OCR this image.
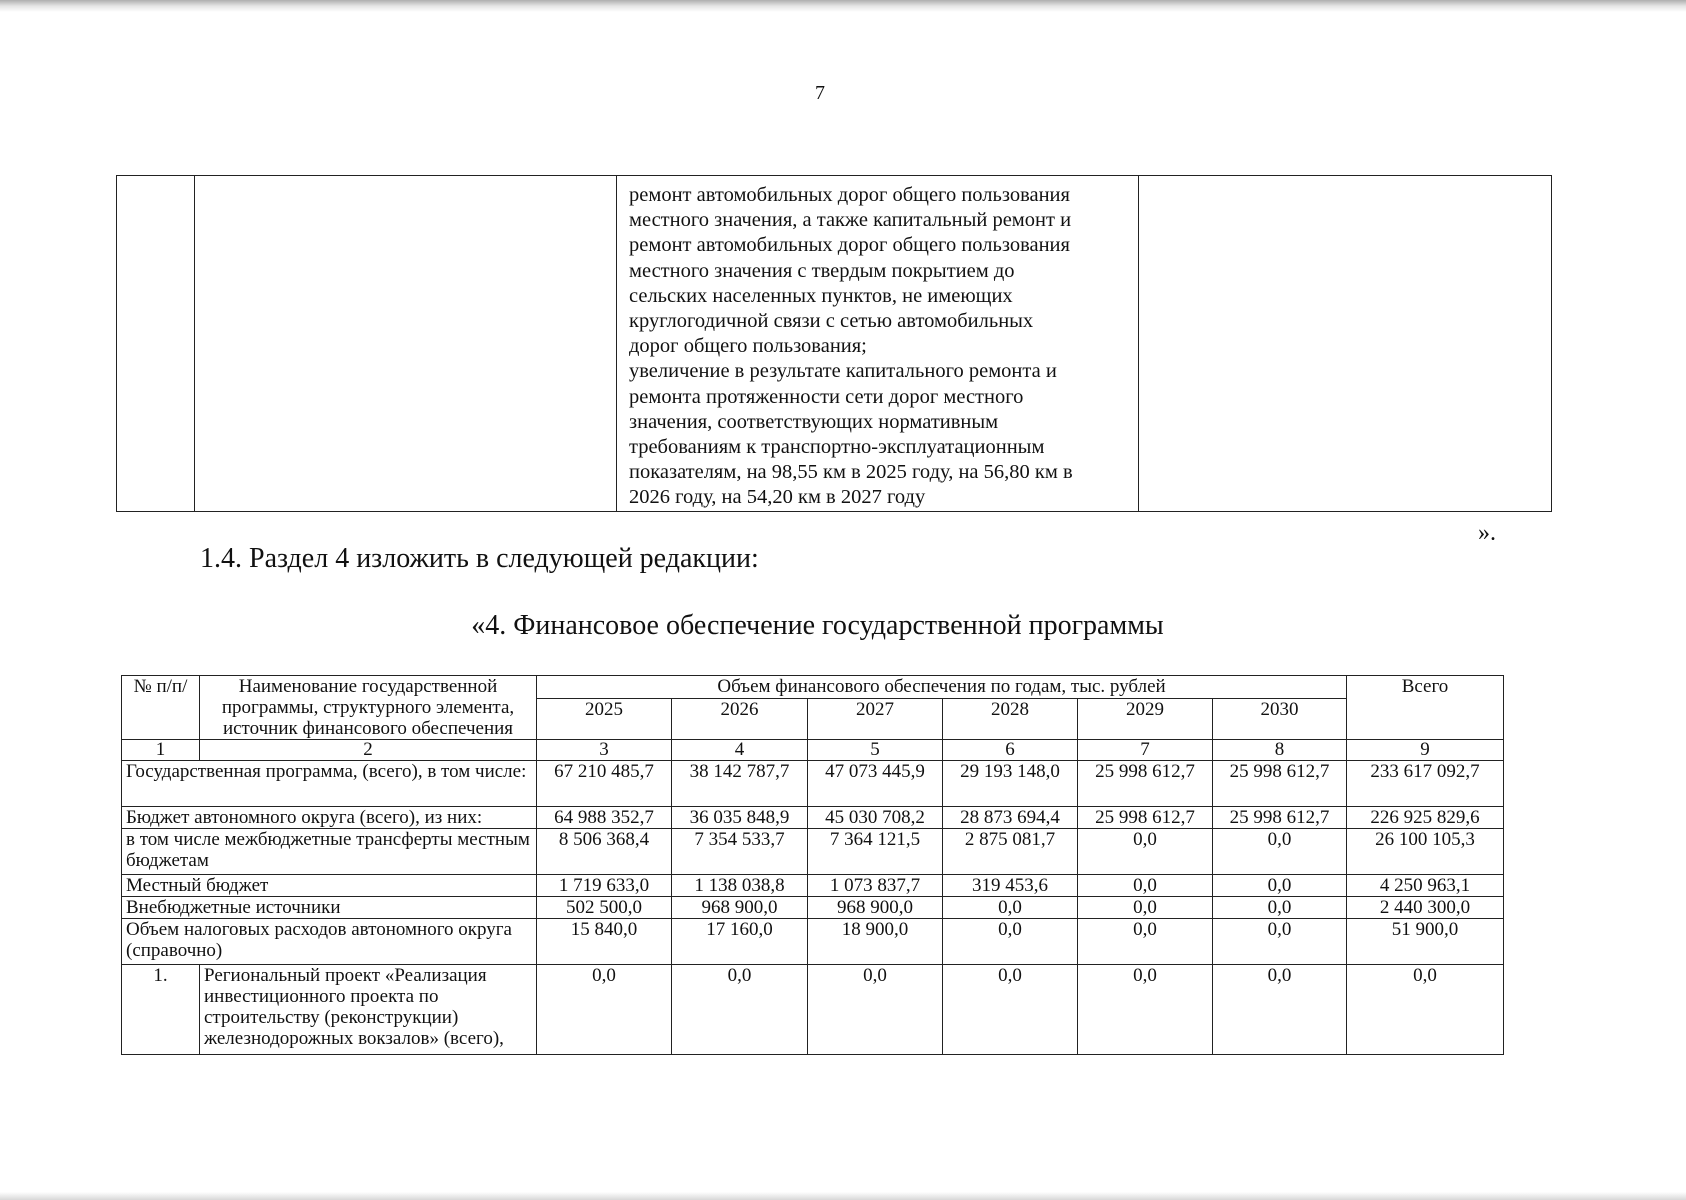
7

ремонт автомобильных дорог общего пользования
местного значения, а также капитальный ремонт и
ремонт автомобильных дорог общего пользования
местного значения с твердым покрытием до
сельских населенных пунктов, не имеющих
круглогодичной связи с сетью автомобильных
дорог общего пользования;
увеличение в результате капитального ремонта и
ремонта протяженности сети дорог местного
значения, соответствующих нормативным
требованиям к транспортно-эксплуатационным
показателям, на 98,55 км в 2025 году, на 56,80 км в
2026 году, на 54,20 км в 2027 году

».
1.4. Раздел 4 изложить в следующей редакции:
«4. Финансовое обеспечение государственной программы
№ п/п/	Наименование государственной программы, структурного элемента, источник финансового обеспечения	Объем финансового обеспечения по годам, тыс. рублей						Всего
		2025	2026	2027	2028	2029	2030	
1	2	3	4	5	6	7	8	9
Государственная программа, (всего), в том числе:		67 210 485,7	38 142 787,7	47 073 445,9	29 193 148,0	25 998 612,7	25 998 612,7	233 617 092,7
Бюджет автономного округа (всего), из них:		64 988 352,7	36 035 848,9	45 030 708,2	28 873 694,4	25 998 612,7	25 998 612,7	226 925 829,6
в том числе межбюджетные трансферты местным бюджетам		8 506 368,4	7 354 533,7	7 364 121,5	2 875 081,7	0,0	0,0	26 100 105,3
Местный бюджет		1 719 633,0	1 138 038,8	1 073 837,7	319 453,6	0,0	0,0	4 250 963,1
Внебюджетные источники		502 500,0	968 900,0	968 900,0	0,0	0,0	0,0	2 440 300,0
Объем налоговых расходов автономного округа (справочно)		15 840,0	17 160,0	18 900,0	0,0	0,0	0,0	51 900,0
1.	Региональный проект «Реализация инвестиционного проекта по строительству (реконструкции) железнодорожных вокзалов» (всего),	0,0	0,0	0,0	0,0	0,0	0,0	0,0
